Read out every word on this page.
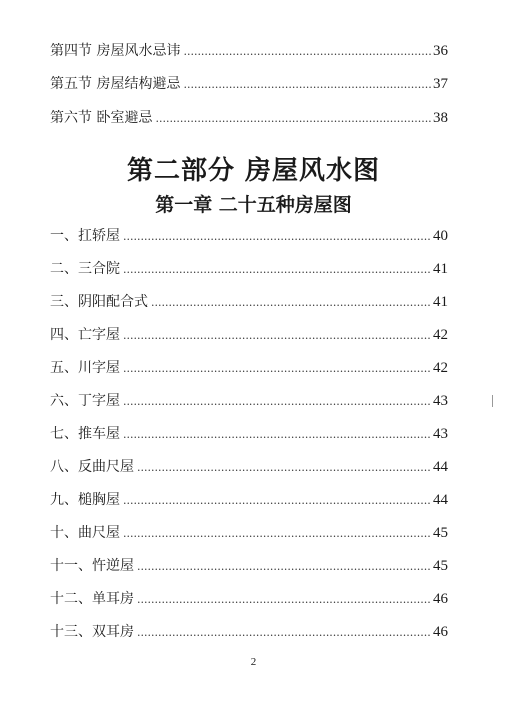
第四节 房屋风水忌讳 .....	36
第五节 房屋结构避忌 .....	37
第六节 卧室避忌 .....	38
第二部分 房屋风水图
第一章 二十五种房屋图
一、扛轿屋 .....	40
二、三合院 .....	41
三、阴阳配合式 .....	41
四、亡字屋 .....	42
五、川字屋 .....	42
六、丁字屋 .....	43
七、推车屋 .....	43
八、反曲尺屋 .....	44
九、槌胸屋 .....	44
十、曲尺屋 .....	45
十一、忤逆屋 .....	45
十二、单耳房 .....	46
十三、双耳房 .....	46
2
